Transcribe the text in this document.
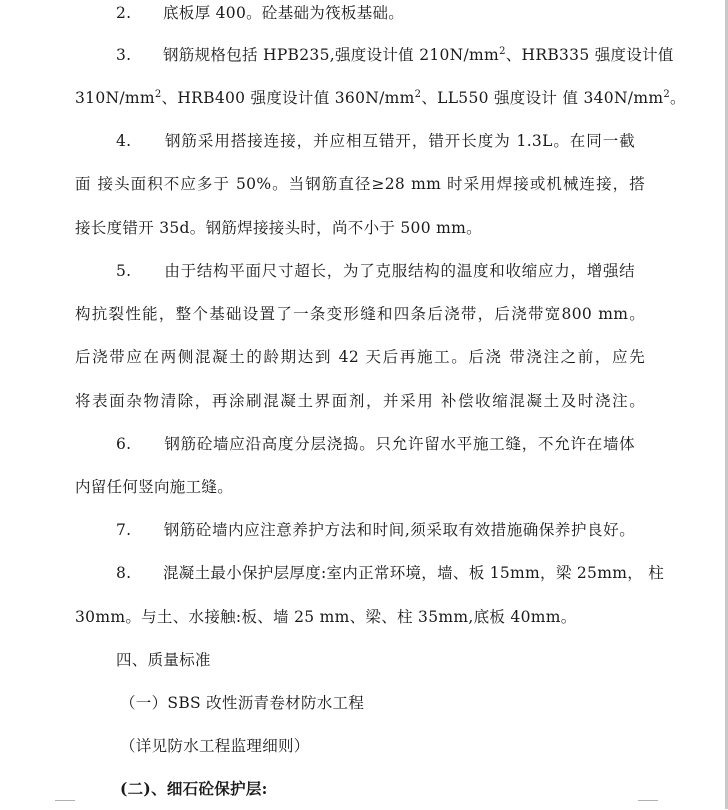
2.　　底板厚 400。砼基础为筏板基础。
3.　　钢筋规格包括 HPB235,强度设计值 $210N/mm^2$、HRB335 强度设计值
$310N/mm^2$、HRB400 强度设计值 $360N/mm^2$、LL550 强度设计 值 $340N/mm^2$。
4.　　钢筋采用搭接连接，并应相互错开，错开长度为 1.3L。在同一截
面 接头面积不应多于 50%。当钢筋直径≥28 mm 时采用焊接或机械连接，搭
接长度错开 35d。钢筋焊接接头时，尚不小于 500 mm。
5.　　由于结构平面尺寸超长，为了克服结构的温度和收缩应力，增强结
构抗裂性能，整个基础设置了一条变形缝和四条后浇带，后浇带宽800 mm。
后浇带应在两侧混凝土的龄期达到 42 天后再施工。后浇 带浇注之前，应先
将表面杂物清除，再涂刷混凝土界面剂，并采用 补偿收缩混凝土及时浇注。
6.　　钢筋砼墙应沿高度分层浇捣。只允许留水平施工缝，不允许在墙体
内留任何竖向施工缝。
7.　　钢筋砼墙内应注意养护方法和时间,须采取有效措施确保养护良好。
8.　　混凝土最小保护层厚度:室内正常环境，墙、板 15mm，梁 25mm， 柱
30mm。与土、水接触:板、墙 25 mm、梁、柱 35mm,底板 40mm。
四、质量标准
（一）SBS 改性沥青卷材防水工程
（详见防水工程监理细则）
(二)、细石砼保护层:
